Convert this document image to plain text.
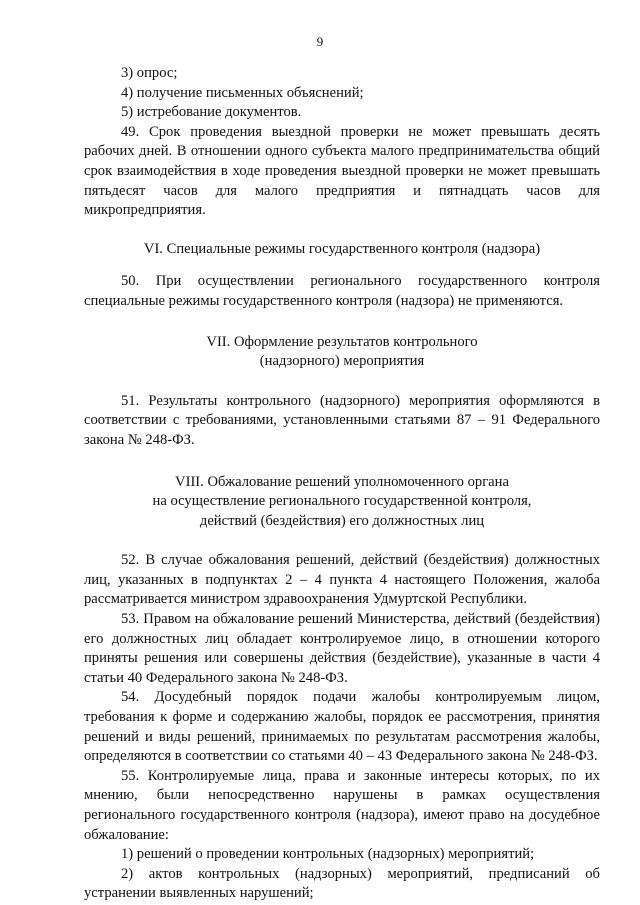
9

3) опрос;

4) получение письменных объяснений;

5) истребование документов.

49. Срок проведения выездной проверки не может превышать десять рабочих дней. В отношении одного субъекта малого предпринимательства общий срок взаимодействия в ходе проведения выездной проверки не может превышать пятьдесят часов для малого предприятия и пятнадцать часов для микропредприятия.

VI. Специальные режимы государственного контроля (надзора)

50. При осуществлении регионального государственного контроля специальные режимы государственного контроля (надзора) не применяются.

VII. Оформление результатов контрольного

(надзорного) мероприятия

51. Результаты контрольного (надзорного) мероприятия оформляются в соответствии с требованиями, установленными статьями 87 – 91 Федерального закона № 248-ФЗ.

VIII. Обжалование решений уполномоченного органа

на осуществление регионального государственной контроля,

действий (бездействия) его должностных лиц

52. В случае обжалования решений, действий (бездействия) должностных лиц, указанных в подпунктах 2 – 4 пункта 4 настоящего Положения, жалоба рассматривается министром здравоохранения Удмуртской Республики.

53. Правом на обжалование решений Министерства, действий (бездействия) его должностных лиц обладает контролируемое лицо, в отношении которого приняты решения или совершены действия (бездействие), указанные в части 4 статьи 40 Федерального закона № 248-ФЗ.

54. Досудебный порядок подачи жалобы контролируемым лицом, требования к форме и содержанию жалобы, порядок ее рассмотрения, принятия решений и виды решений, принимаемых по результатам рассмотрения жалобы, определяются в соответствии со статьями 40 – 43 Федерального закона № 248-ФЗ.

55. Контролируемые лица, права и законные интересы которых, по их мнению, были непосредственно нарушены в рамках осуществления регионального государственного контроля (надзора), имеют право на досудебное обжалование:

1) решений о проведении контрольных (надзорных) мероприятий;

2) актов контрольных (надзорных) мероприятий, предписаний об устранении выявленных нарушений;
